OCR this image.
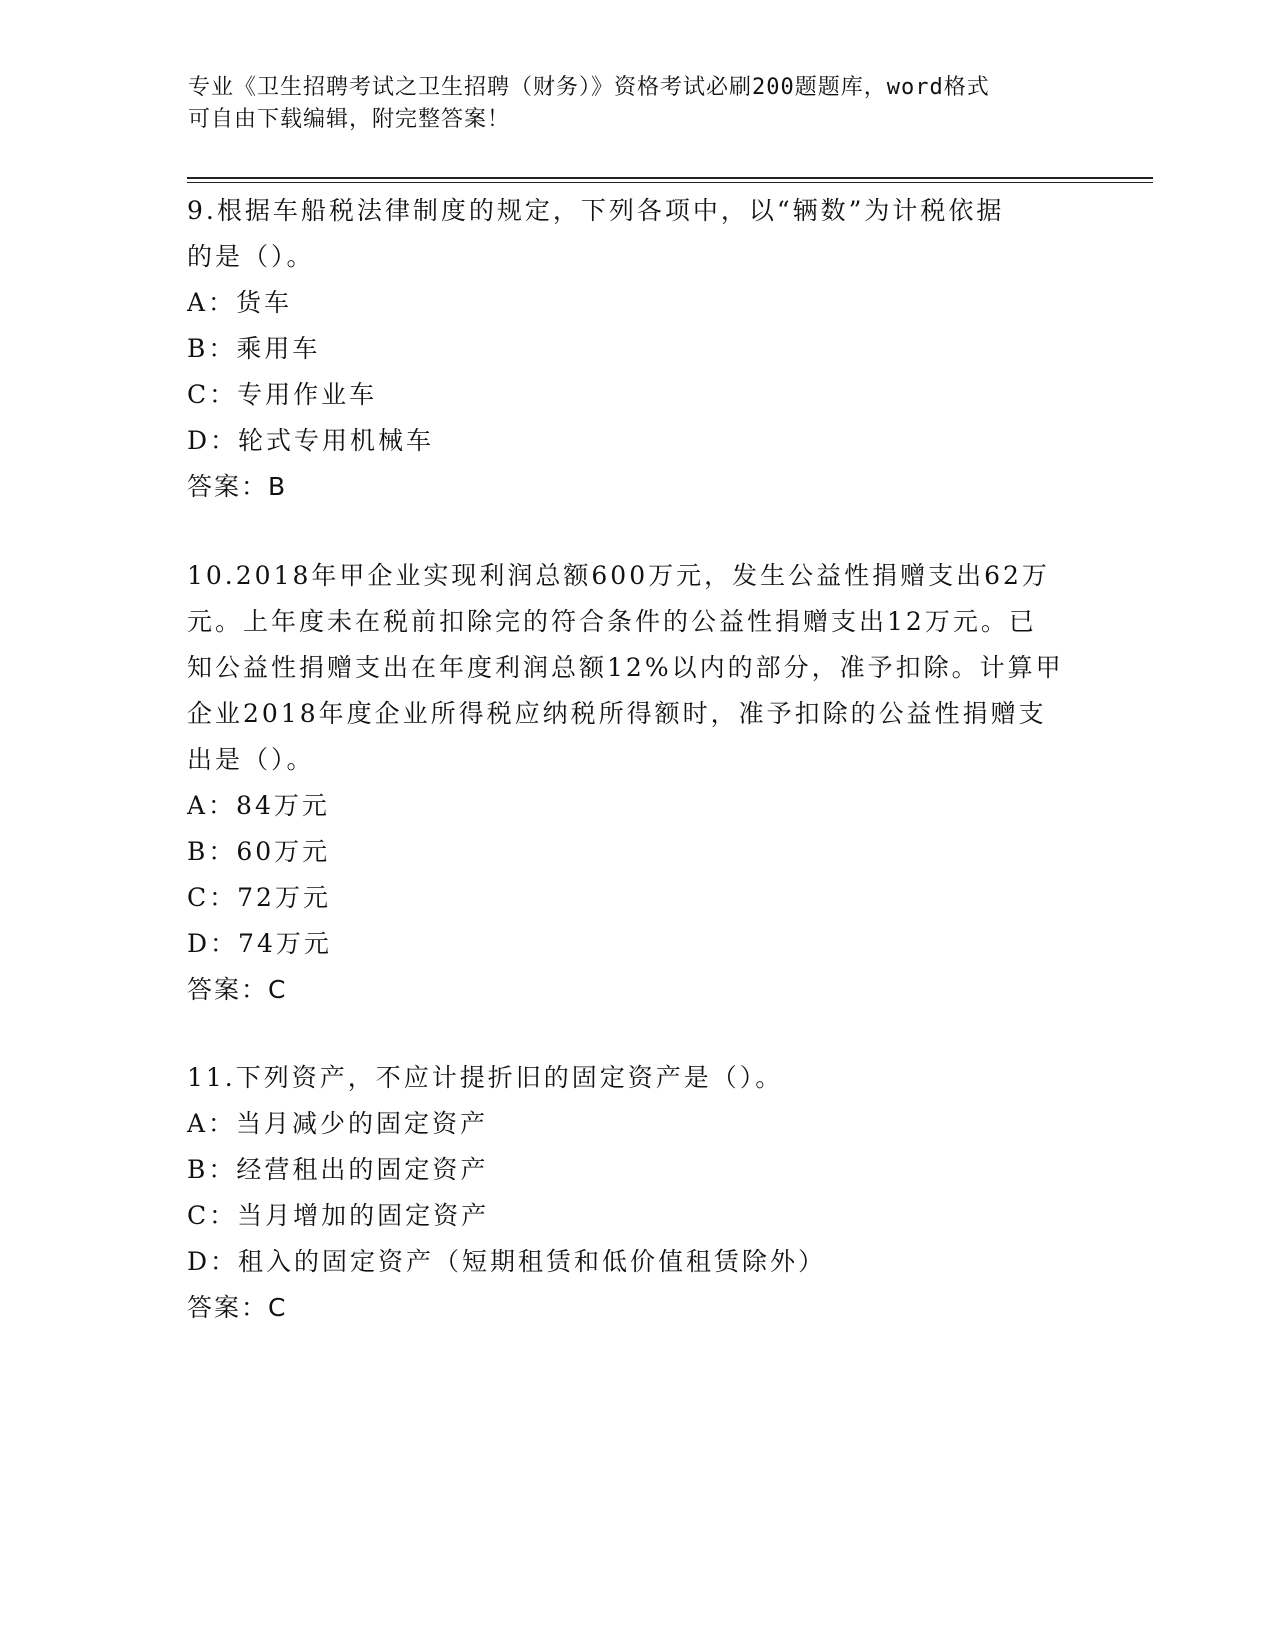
专业《卫生招聘考试之卫生招聘（财务）》资格考试必刷200题题库，word格式
可自由下载编辑，附完整答案！

9.根据车船税法律制度的规定，下列各项中，以“辆数”为计税依据

的是（）。

A：货车

B：乘用车

C：专用作业车

D：轮式专用机械车

答案：B

10.2018年甲企业实现利润总额600万元，发生公益性捐赠支出62万

元。上年度未在税前扣除完的符合条件的公益性捐赠支出12万元。已

知公益性捐赠支出在年度利润总额12%以内的部分，准予扣除。计算甲

企业2018年度企业所得税应纳税所得额时，准予扣除的公益性捐赠支

出是（）。

A：84万元

B：60万元

C：72万元

D：74万元

答案：C

11.下列资产，不应计提折旧的固定资产是（）。

A：当月减少的固定资产

B：经营租出的固定资产

C：当月增加的固定资产

D：租入的固定资产（短期租赁和低价值租赁除外）

答案：C
